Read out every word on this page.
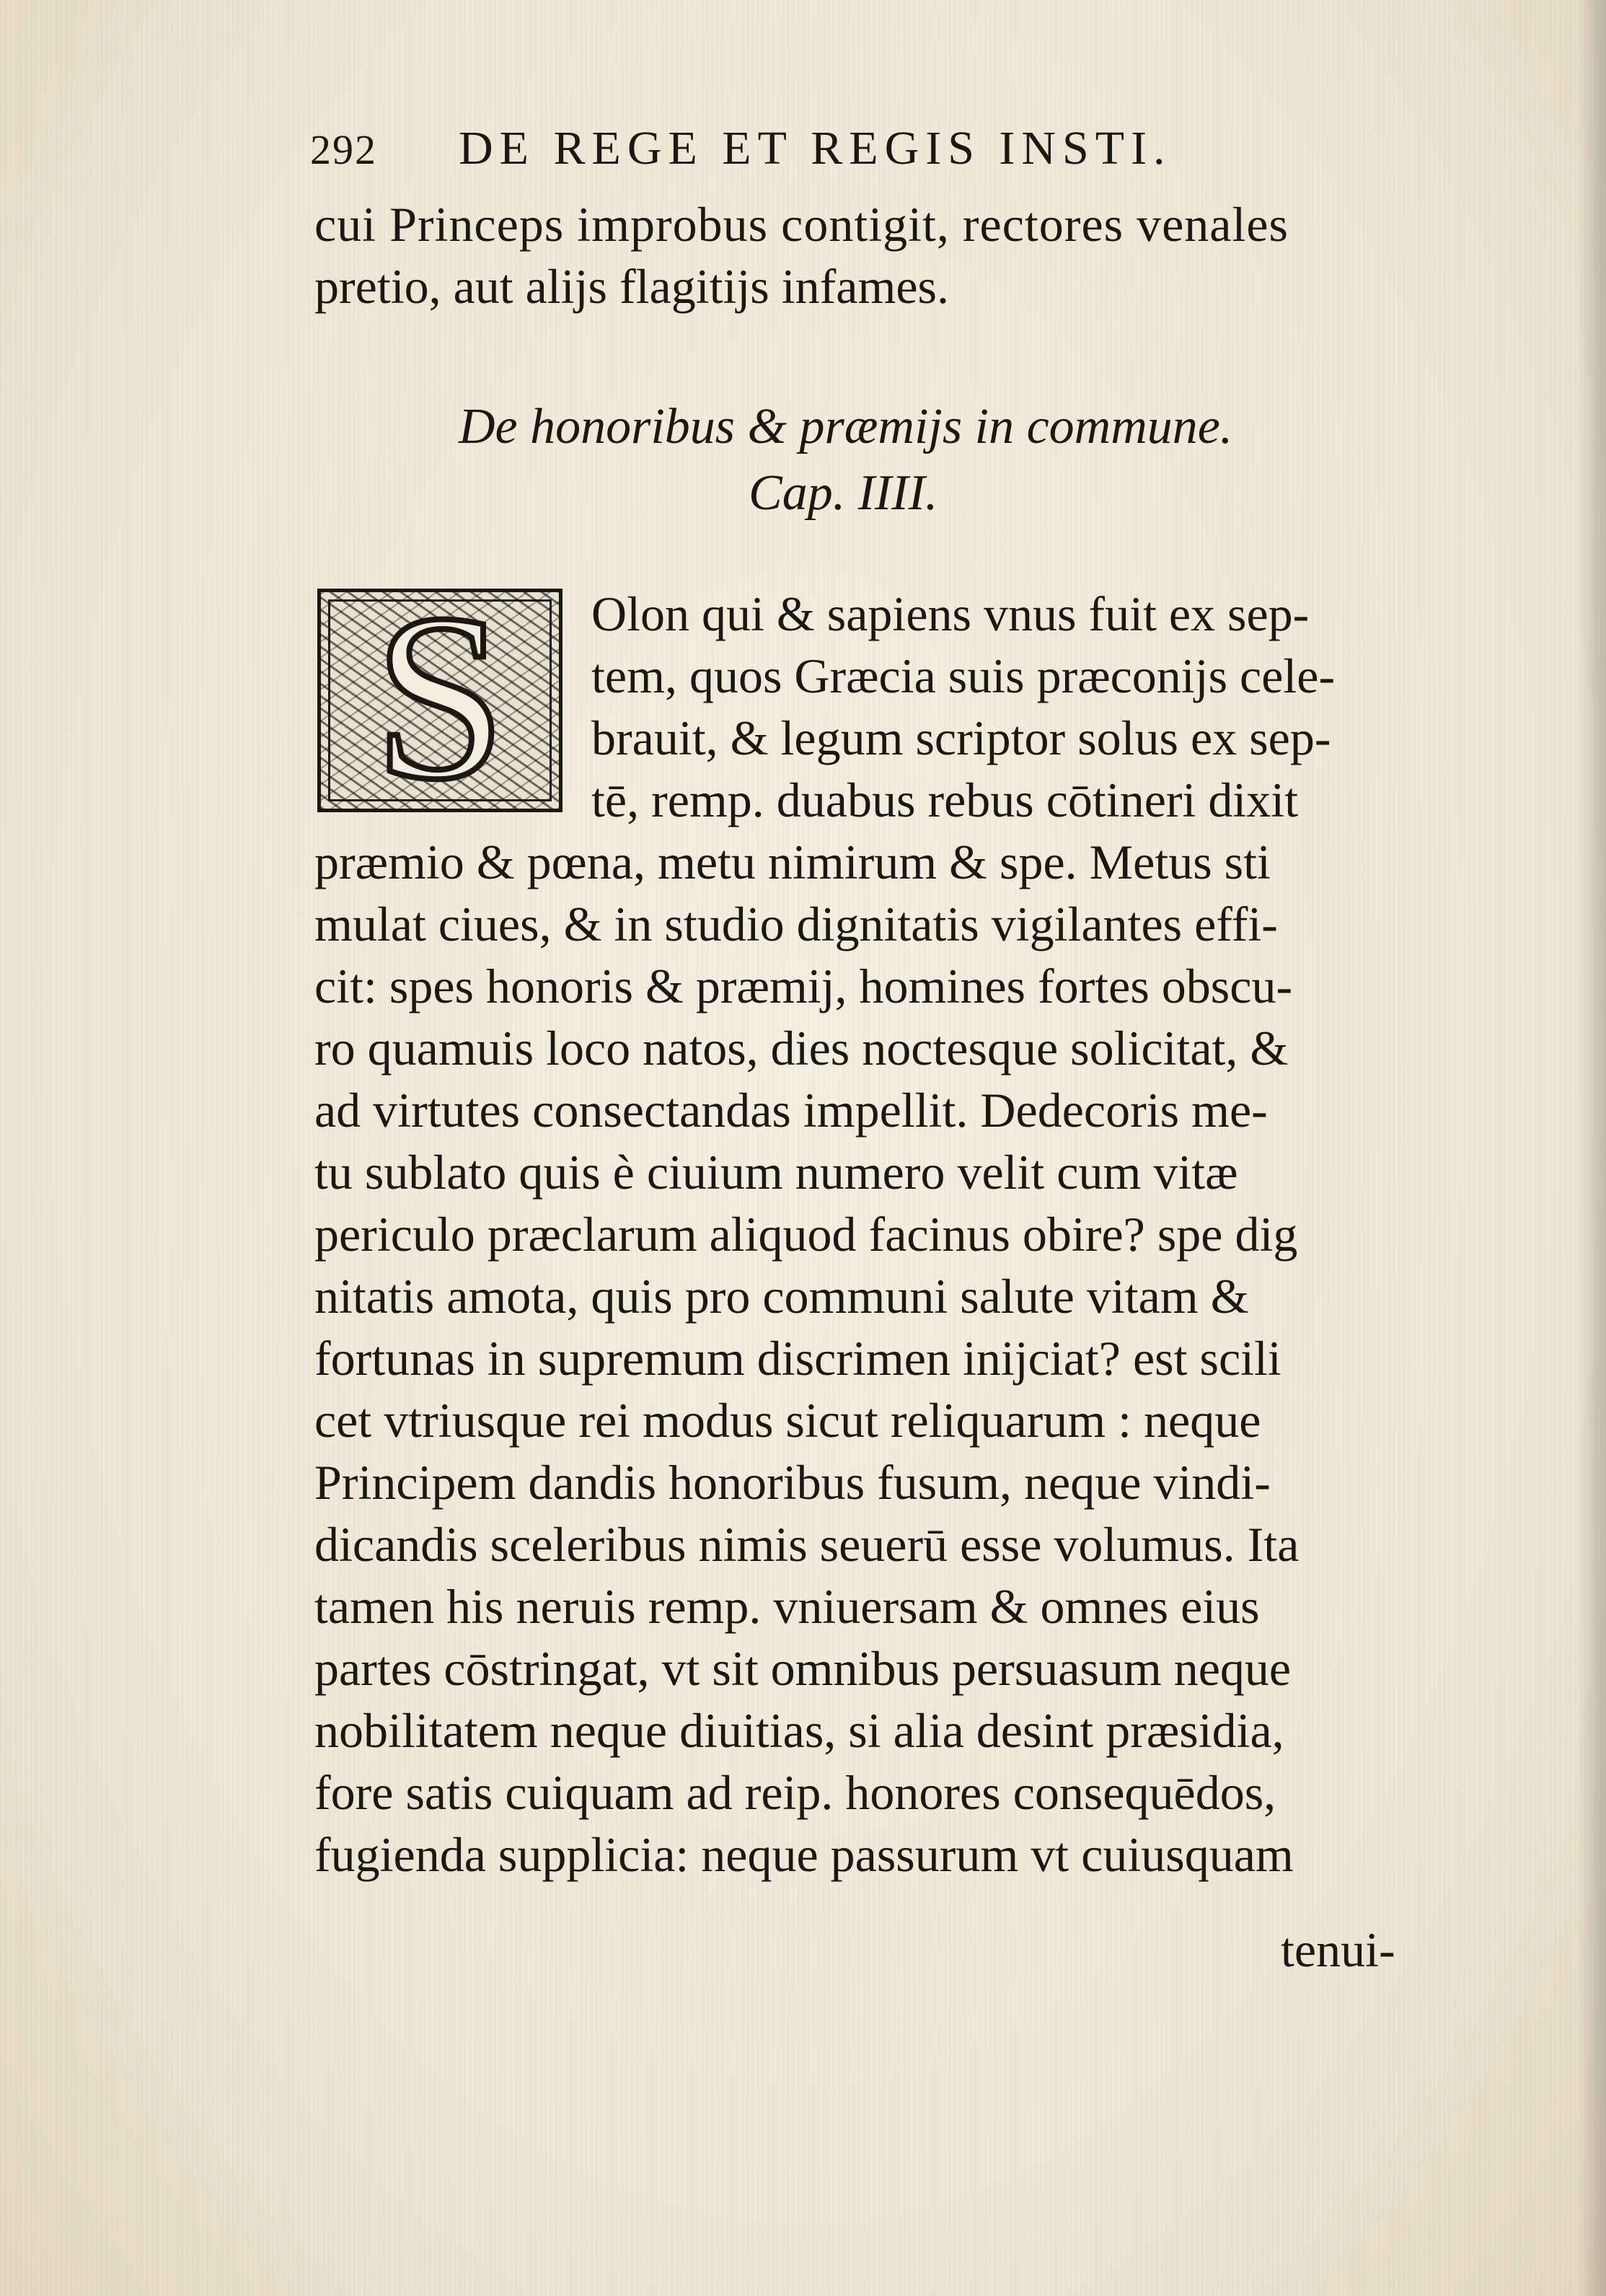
292 DE REGE ET REGIS INSTI.
cui Princeps improbus contigit, rectores venales
pretio, aut alijs flagitijs infames.
De honoribus & præmijs in commune.
Cap. IIII.
S	Olon qui & sapiens vnus fuit ex sep-
tem, quos Græcia suis præconijs cele-
brauit, & legum scriptor solus ex sep-
tē, remp. duabus rebus cōtineri dixit
præmio & pœna, metu nimirum & spe. Metus sti
mulat ciues, & in studio dignitatis vigilantes effi-
cit: spes honoris & præmij, homines fortes obscu-
ro quamuis loco natos, dies noctesque solicitat, &
ad virtutes consectandas impellit. Dedecoris me-
tu sublato quis è ciuium numero velit cum vitæ
periculo præclarum aliquod facinus obire? spe dig
nitatis amota, quis pro communi salute vitam &
fortunas in supremum discrimen inijciat? est scili
cet vtriusque rei modus sicut reliquarum : neque
Principem dandis honoribus fusum, neque vindi-
dicandis sceleribus nimis seuerū esse volumus. Ita
tamen his neruis remp. vniuersam & omnes eius
partes cōstringat, vt sit omnibus persuasum neque
nobilitatem neque diuitias, si alia desint præsidia,
fore satis cuiquam ad reip. honores consequēdos,
fugienda supplicia: neque passurum vt cuiusquam
tenui-
